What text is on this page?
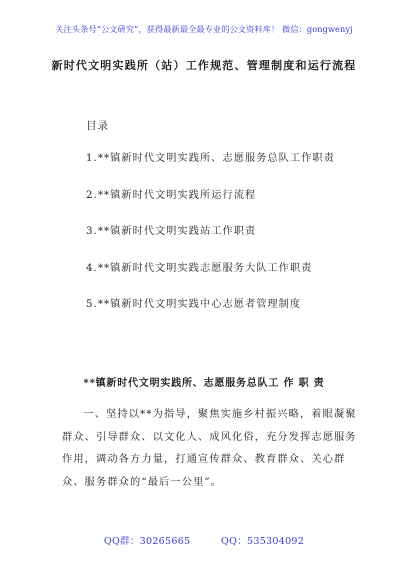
关注头条号“公文研究”，获得最新最全最专业的公文资料库！ 微信：gongwenyj
新时代文明实践所（站）工作规范、管理制度和运行流程
目录
1.**镇新时代文明实践所、志愿服务总队工作职责
2.**镇新时代文明实践所运行流程
3.**镇新时代文明实践站工作职责
4.**镇新时代文明实践志愿服务大队工作职责
5.**镇新时代文明实践中心志愿者管理制度
**镇新时代文明实践所、志愿服务总队工 作 职 责

一、坚持以**为指导，聚焦实施乡村振兴略，着眼凝聚群众、引导群众、以文化人、成风化俗，充分发挥志愿服务作用，调动各方力量，打通宣传群众、教育群众、关心群众、服务群众的“最后一公里”。

QQ群：30265665	QQ：535304092
